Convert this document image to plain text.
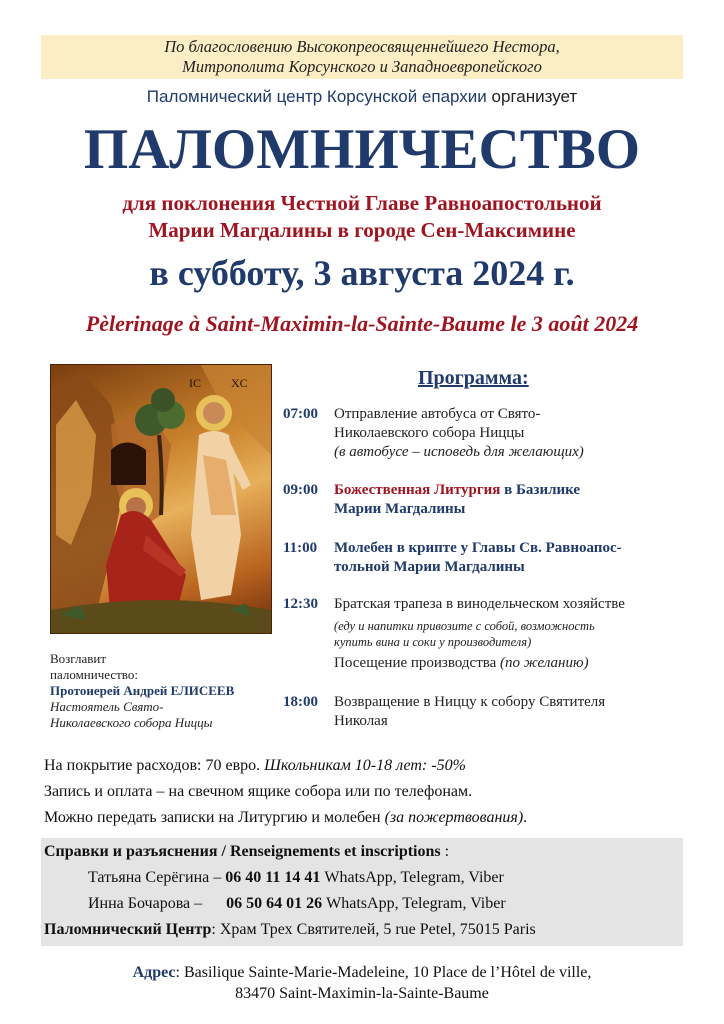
По благословению Высокопреосвященнейшего Нестора,
Митрополита Корсунского и Западноевропейского
Паломнический центр Корсунской епархии организует
ПАЛОМНИЧЕСТВО
для поклонения Честной Главе Равноапостольной
Марии Магдалины в городе Сен-Максимине
в субботу, 3 августа 2024 г.
Pèlerinage à Saint-Maximin-la-Sainte-Baume le 3 août 2024
IC	XC
Возглавит
паломничество:
Протоиерей Андрей ЕЛИСЕЕВ
Настоятель Свято-
Николаевского собора Ниццы
Программа:
07:00 Отправление автобуса от Свято-
Николаевского собора Ниццы
(в автобусе – исповедь для желающих)
09:00 Божественная Литургия в Базилике
Марии Магдалины
11:00 Молебен в крипте у Главы Св. Равноапос-
тольной Марии Магдалины
12:30 Братская трапеза в винодельческом хозяйстве
(еду и напитки привозите с собой, возможность
купить вина и соки у производителя)
Посещение производства (по желанию)
18:00 Возвращение в Ниццу к собору Святителя
Николая
На покрытие расходов: 70 евро. Школьникам 10-18 лет: -50%
Запись и оплата – на свечном ящике собора или по телефонам.
Можно передать записки на Литургию и молебен (за пожертвования).
Справки и разъяснения / Renseignements et inscriptions :
Татьяна Серёгина – 06 40 11 14 41 WhatsApp, Telegram, Viber
Инна Бочарова – 06 50 64 01 26 WhatsApp, Telegram, Viber
Паломнический Центр: Храм Трех Святителей, 5 rue Petel, 75015 Paris
Адрес: Basilique Sainte-Marie-Madeleine, 10 Place de l’Hôtel de ville,
83470 Saint-Maximin-la-Sainte-Baume
